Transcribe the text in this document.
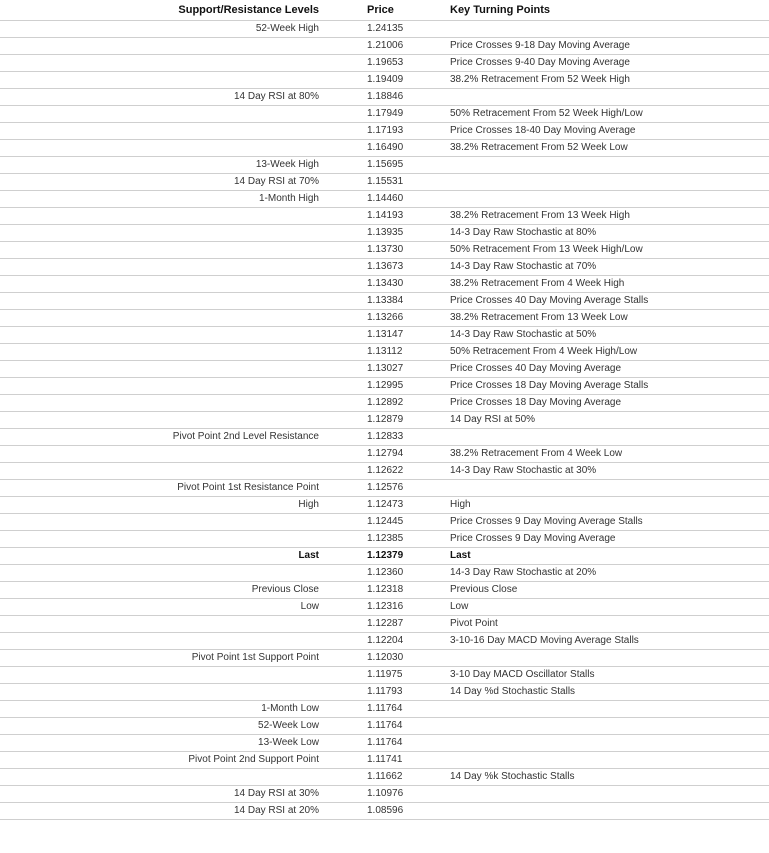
Support/Resistance Levels	Price	Key Turning Points
52-Week High	1.24135	
	1.21006	Price Crosses 9-18 Day Moving Average
	1.19653	Price Crosses 9-40 Day Moving Average
	1.19409	38.2% Retracement From 52 Week High
14 Day RSI at 80%	1.18846	
	1.17949	50% Retracement From 52 Week High/Low
	1.17193	Price Crosses 18-40 Day Moving Average
	1.16490	38.2% Retracement From 52 Week Low
13-Week High	1.15695	
14 Day RSI at 70%	1.15531	
1-Month High	1.14460	
	1.14193	38.2% Retracement From 13 Week High
	1.13935	14-3 Day Raw Stochastic at 80%
	1.13730	50% Retracement From 13 Week High/Low
	1.13673	14-3 Day Raw Stochastic at 70%
	1.13430	38.2% Retracement From 4 Week High
	1.13384	Price Crosses 40 Day Moving Average Stalls
	1.13266	38.2% Retracement From 13 Week Low
	1.13147	14-3 Day Raw Stochastic at 50%
	1.13112	50% Retracement From 4 Week High/Low
	1.13027	Price Crosses 40 Day Moving Average
	1.12995	Price Crosses 18 Day Moving Average Stalls
	1.12892	Price Crosses 18 Day Moving Average
	1.12879	14 Day RSI at 50%
Pivot Point 2nd Level Resistance	1.12833	
	1.12794	38.2% Retracement From 4 Week Low
	1.12622	14-3 Day Raw Stochastic at 30%
Pivot Point 1st Resistance Point	1.12576	
High	1.12473	High
	1.12445	Price Crosses 9 Day Moving Average Stalls
	1.12385	Price Crosses 9 Day Moving Average
Last	1.12379	Last
	1.12360	14-3 Day Raw Stochastic at 20%
Previous Close	1.12318	Previous Close
Low	1.12316	Low
	1.12287	Pivot Point
	1.12204	3-10-16 Day MACD Moving Average Stalls
Pivot Point 1st Support Point	1.12030	
	1.11975	3-10 Day MACD Oscillator Stalls
	1.11793	14 Day %d Stochastic Stalls
1-Month Low	1.11764	
52-Week Low	1.11764	
13-Week Low	1.11764	
Pivot Point 2nd Support Point	1.11741	
	1.11662	14 Day %k Stochastic Stalls
14 Day RSI at 30%	1.10976	
14 Day RSI at 20%	1.08596	
